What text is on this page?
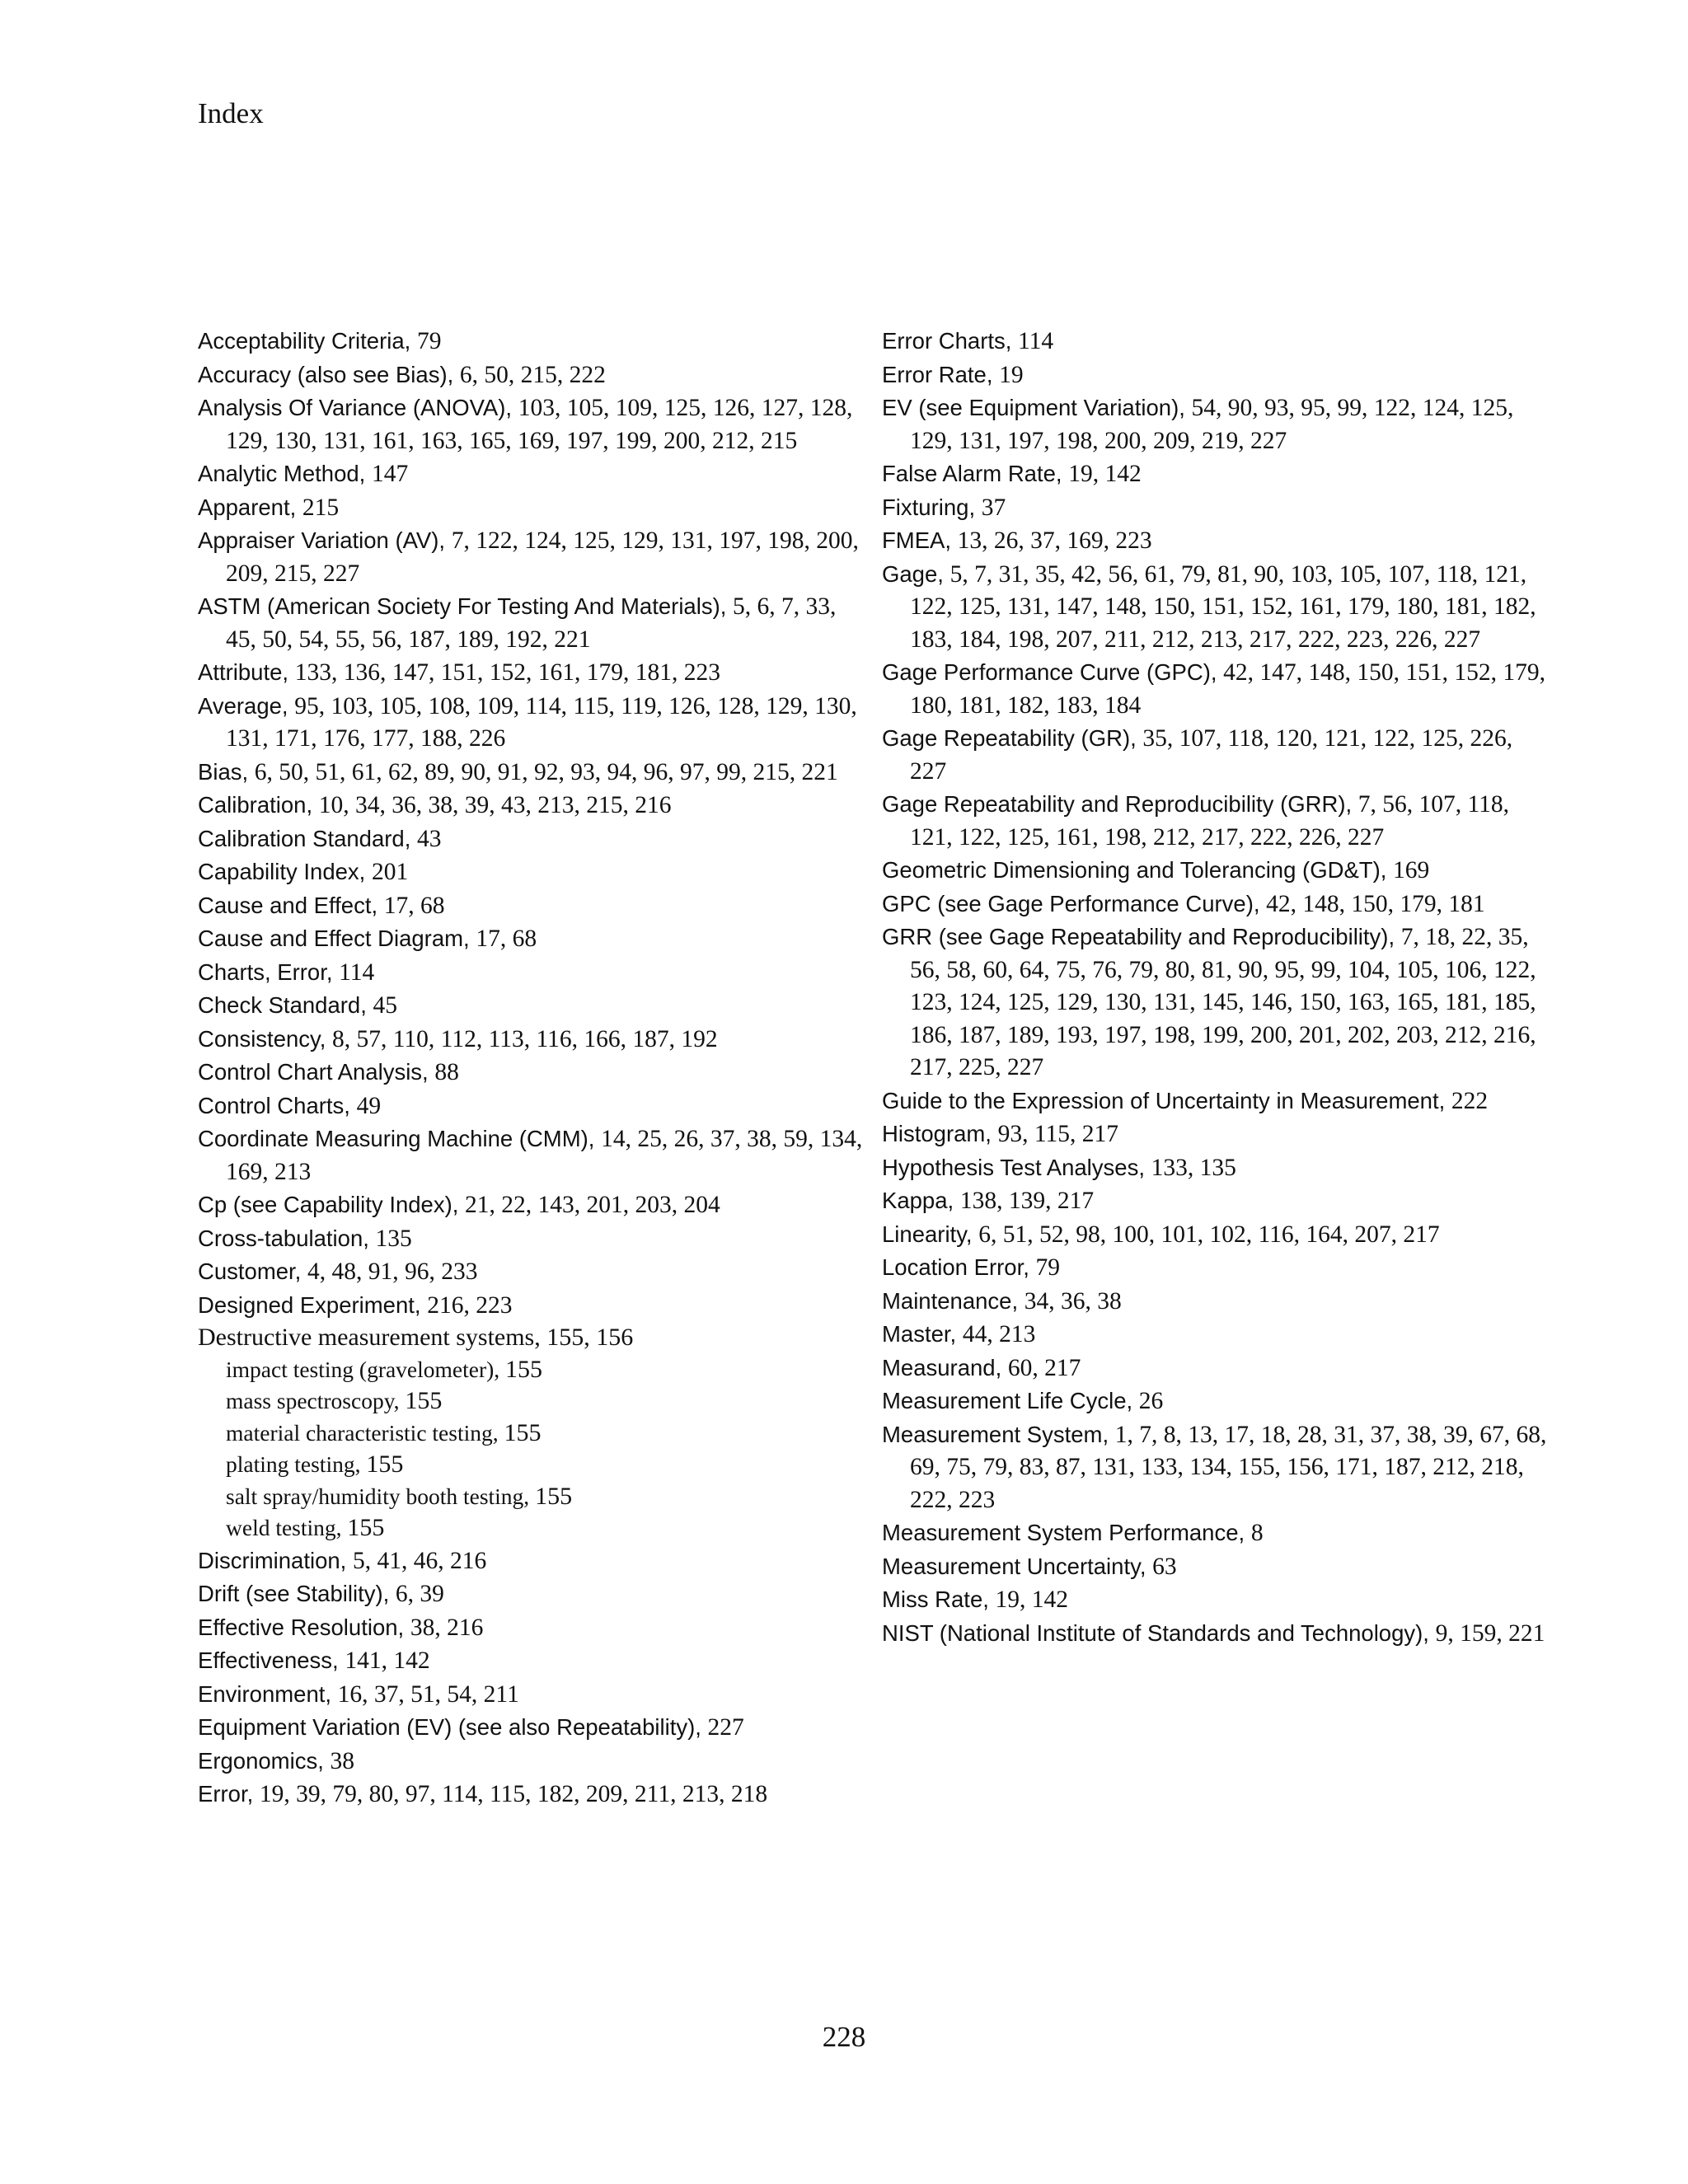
Index
Acceptability Criteria, 79
Accuracy (also see Bias), 6, 50, 215, 222
Analysis Of Variance (ANOVA), 103, 105, 109, 125, 126, 127, 128, 129, 130, 131, 161, 163, 165, 169, 197, 199, 200, 212, 215
Analytic Method, 147
Apparent, 215
Appraiser Variation (AV), 7, 122, 124, 125, 129, 131, 197, 198, 200, 209, 215, 227
ASTM (American Society For Testing And Materials), 5, 6, 7, 33, 45, 50, 54, 55, 56, 187, 189, 192, 221
Attribute, 133, 136, 147, 151, 152, 161, 179, 181, 223
Average, 95, 103, 105, 108, 109, 114, 115, 119, 126, 128, 129, 130, 131, 171, 176, 177, 188, 226
Bias, 6, 50, 51, 61, 62, 89, 90, 91, 92, 93, 94, 96, 97, 99, 215, 221
Calibration, 10, 34, 36, 38, 39, 43, 213, 215, 216
Calibration Standard, 43
Capability Index, 201
Cause and Effect, 17, 68
Cause and Effect Diagram, 17, 68
Charts, Error, 114
Check Standard, 45
Consistency, 8, 57, 110, 112, 113, 116, 166, 187, 192
Control Chart Analysis, 88
Control Charts, 49
Coordinate Measuring Machine (CMM), 14, 25, 26, 37, 38, 59, 134, 169, 213
Cp (see Capability Index), 21, 22, 143, 201, 203, 204
Cross-tabulation, 135
Customer, 4, 48, 91, 96, 233
Designed Experiment, 216, 223
Destructive measurement systems, 155, 156
impact testing (gravelometer), 155
mass spectroscopy, 155
material characteristic testing, 155
plating testing, 155
salt spray/humidity booth testing, 155
weld testing, 155
Discrimination, 5, 41, 46, 216
Drift (see Stability), 6, 39
Effective Resolution, 38, 216
Effectiveness, 141, 142
Environment, 16, 37, 51, 54, 211
Equipment Variation (EV) (see also Repeatability), 227
Ergonomics, 38
Error, 19, 39, 79, 80, 97, 114, 115, 182, 209, 211, 213, 218
Error Charts, 114
Error Rate, 19
EV (see Equipment Variation), 54, 90, 93, 95, 99, 122, 124, 125, 129, 131, 197, 198, 200, 209, 219, 227
False Alarm Rate, 19, 142
Fixturing, 37
FMEA, 13, 26, 37, 169, 223
Gage, 5, 7, 31, 35, 42, 56, 61, 79, 81, 90, 103, 105, 107, 118, 121, 122, 125, 131, 147, 148, 150, 151, 152, 161, 179, 180, 181, 182, 183, 184, 198, 207, 211, 212, 213, 217, 222, 223, 226, 227
Gage Performance Curve (GPC), 42, 147, 148, 150, 151, 152, 179, 180, 181, 182, 183, 184
Gage Repeatability (GR), 35, 107, 118, 120, 121, 122, 125, 226, 227
Gage Repeatability and Reproducibility (GRR), 7, 56, 107, 118, 121, 122, 125, 161, 198, 212, 217, 222, 226, 227
Geometric Dimensioning and Tolerancing (GD&T), 169
GPC (see Gage Performance Curve), 42, 148, 150, 179, 181
GRR (see Gage Repeatability and Reproducibility), 7, 18, 22, 35, 56, 58, 60, 64, 75, 76, 79, 80, 81, 90, 95, 99, 104, 105, 106, 122, 123, 124, 125, 129, 130, 131, 145, 146, 150, 163, 165, 181, 185, 186, 187, 189, 193, 197, 198, 199, 200, 201, 202, 203, 212, 216, 217, 225, 227
Guide to the Expression of Uncertainty in Measurement, 222
Histogram, 93, 115, 217
Hypothesis Test Analyses, 133, 135
Kappa, 138, 139, 217
Linearity, 6, 51, 52, 98, 100, 101, 102, 116, 164, 207, 217
Location Error, 79
Maintenance, 34, 36, 38
Master, 44, 213
Measurand, 60, 217
Measurement Life Cycle, 26
Measurement System, 1, 7, 8, 13, 17, 18, 28, 31, 37, 38, 39, 67, 68, 69, 75, 79, 83, 87, 131, 133, 134, 155, 156, 171, 187, 212, 218, 222, 223
Measurement System Performance, 8
Measurement Uncertainty, 63
Miss Rate, 19, 142
NIST (National Institute of Standards and Technology), 9, 159, 221
228
